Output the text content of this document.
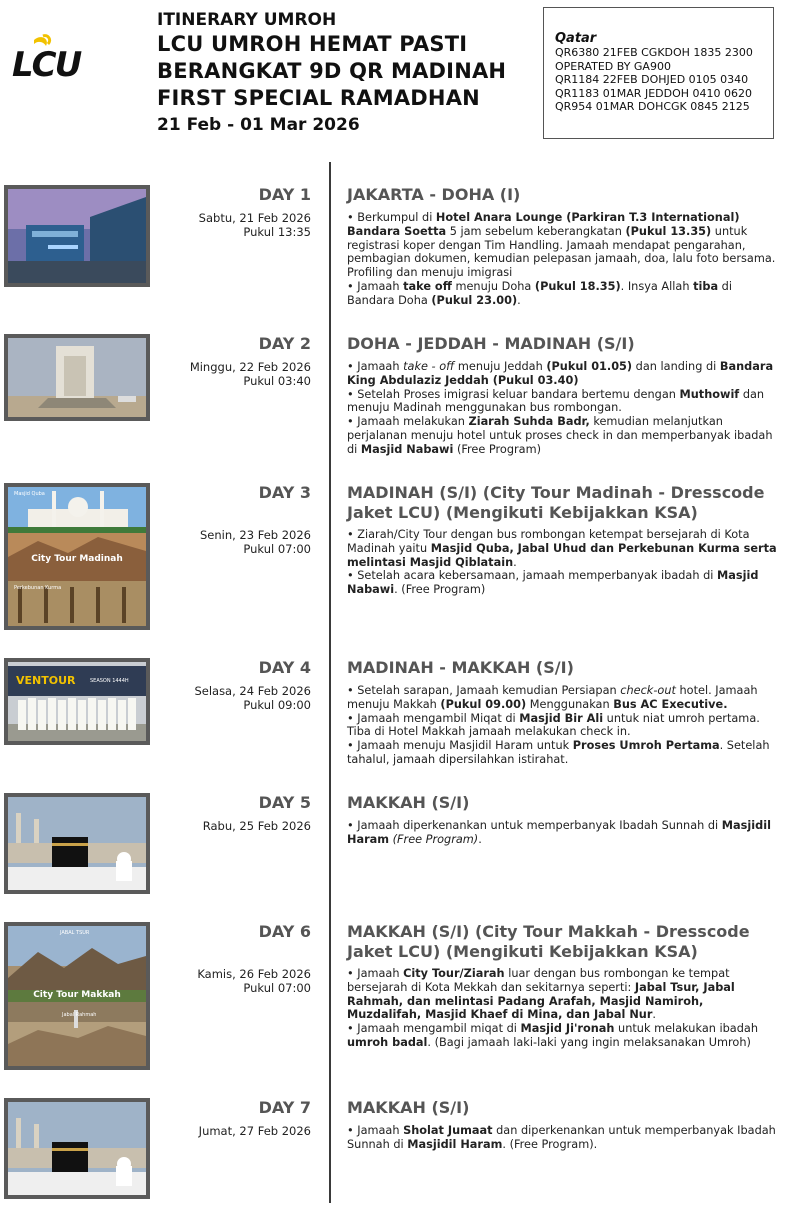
LCU
ITINERARY UMROH
LCU UMROH HEMAT PASTI
BERANGKAT 9D QR MADINAH
FIRST SPECIAL RAMADHAN
21 Feb - 01 Mar 2026
Qatar
QR6380 21FEB CGKDOH 1835 2300
OPERATED BY GA900
QR1184 22FEB DOHJED 0105 0340
QR1183 01MAR JEDDOH 0410 0620
QR954 01MAR DOHCGK 0845 2125
DAY 1
Sabtu, 21 Feb 2026
Pukul 13:35
JAKARTA - DOHA (I)

• Berkumpul di Hotel Anara Lounge (Parkiran T.3 International) Bandara Soetta 5 jam sebelum keberangkatan (Pukul 13.35) untuk registrasi koper dengan Tim Handling. Jamaah mendapat pengarahan, pembagian dokumen, kemudian pelepasan jamaah, doa, lalu foto bersama. Profiling dan menuju imigrasi

• Jamaah take off menuju Doha (Pukul 18.35). Insya Allah tiba di Bandara Doha (Pukul 23.00).

DAY 2
Minggu, 22 Feb 2026
Pukul 03:40
DOHA - JEDDAH - MADINAH (S/I)

• Jamaah take - off menuju Jeddah (Pukul 01.05) dan landing di Bandara King Abdulaziz Jeddah (Pukul 03.40)

• Setelah Proses imigrasi keluar bandara bertemu dengan Muthowif dan menuju Madinah menggunakan bus rombongan.

• Jamaah melakukan Ziarah Suhda Badr, kemudian melanjutkan perjalanan menuju hotel untuk proses check in dan memperbanyak ibadah di Masjid Nabawi (Free Program)

Masjid Quba
City Tour Madinah
Perkebunan Kurma
DAY 3
Senin, 23 Feb 2026
Pukul 07:00
MADINAH (S/I) (City Tour Madinah - Dresscode Jaket LCU) (Mengikuti Kebijakkan KSA)

• Ziarah/City Tour dengan bus rombongan ketempat bersejarah di Kota Madinah yaitu Masjid Quba, Jabal Uhud dan Perkebunan Kurma serta melintasi Masjid Qiblatain.

• Setelah acara kebersamaan, jamaah memperbanyak ibadah di Masjid Nabawi. (Free Program)

VENTOUR	SEASON 1444H
DAY 4
Selasa, 24 Feb 2026
Pukul 09:00
MADINAH - MAKKAH (S/I)

• Setelah sarapan, Jamaah kemudian Persiapan check-out hotel. Jamaah menuju Makkah (Pukul 09.00) Menggunakan Bus AC Executive.

• Jamaah mengambil Miqat di Masjid Bir Ali untuk niat umroh pertama. Tiba di Hotel Makkah jamaah melakukan check in.

• Jamaah menuju Masjidil Haram untuk Proses Umroh Pertama. Setelah tahalul, jamaah dipersilahkan istirahat.

DAY 5
Rabu, 25 Feb 2026
MAKKAH (S/I)

• Jamaah diperkenankan untuk memperbanyak Ibadah Sunnah di Masjidil Haram (Free Program).

JABAL TSUR
City Tour Makkah
Jabal Rahmah
DAY 6
Kamis, 26 Feb 2026
Pukul 07:00
MAKKAH (S/I) (City Tour Makkah - Dresscode Jaket LCU) (Mengikuti Kebijakkan KSA)

• Jamaah City Tour/Ziarah luar dengan bus rombongan ke tempat bersejarah di Kota Mekkah dan sekitarnya seperti: Jabal Tsur, Jabal Rahmah, dan melintasi Padang Arafah, Masjid Namiroh, Muzdalifah, Masjid Khaef di Mina, dan Jabal Nur.

• Jamaah mengambil miqat di Masjid Ji'ronah untuk melakukan ibadah umroh badal. (Bagi jamaah laki-laki yang ingin melaksanakan Umroh)

DAY 7
Jumat, 27 Feb 2026
MAKKAH (S/I)

• Jamaah Sholat Jumaat dan diperkenankan untuk memperbanyak Ibadah Sunnah di Masjidil Haram. (Free Program).
